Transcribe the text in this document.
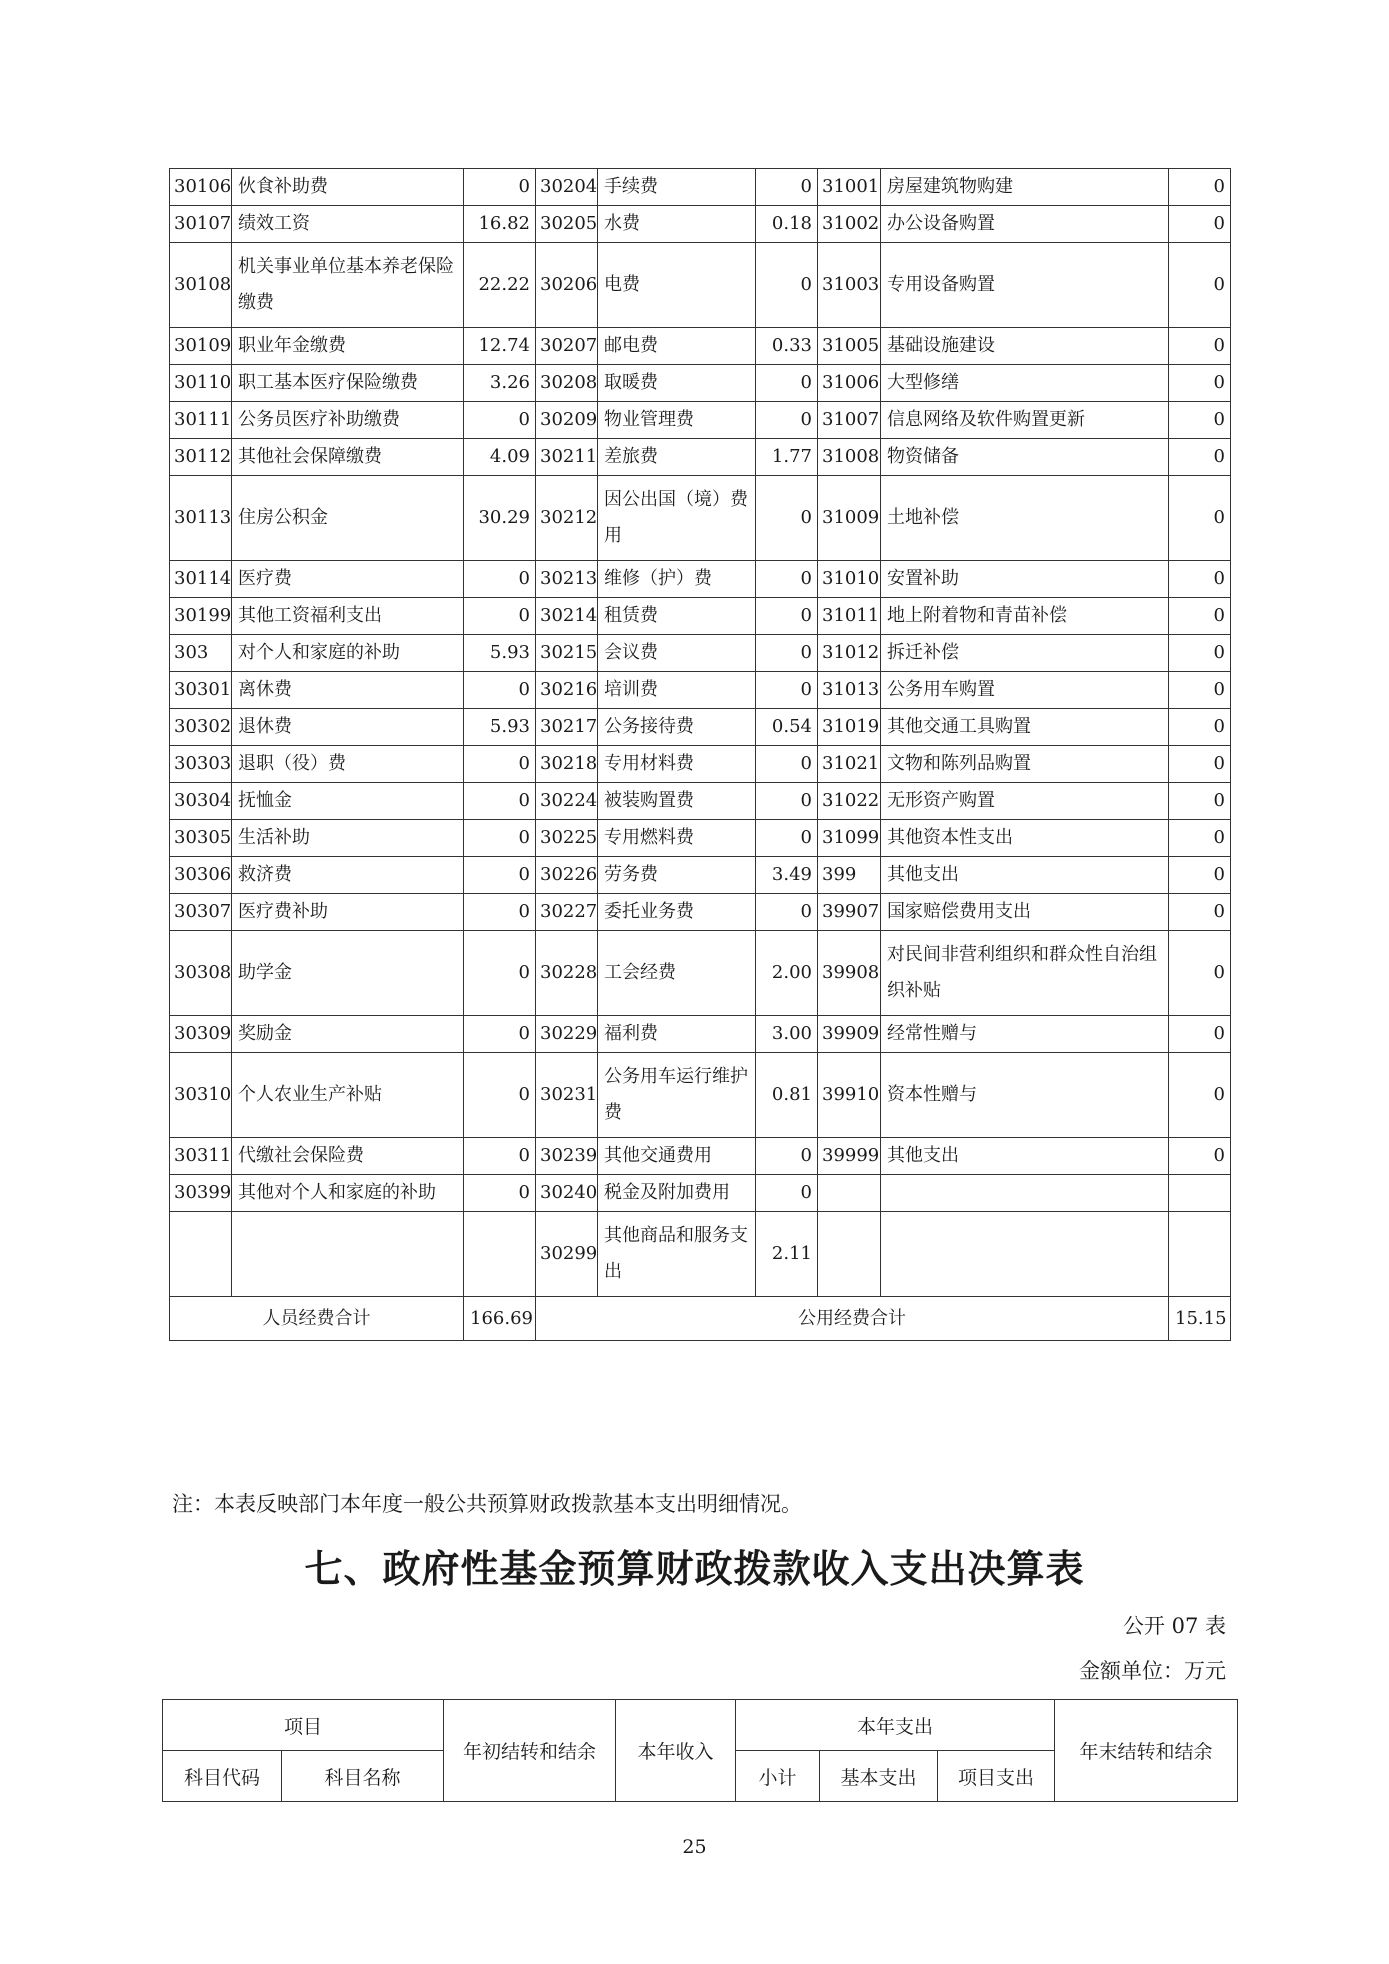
30106	伙食补助费	0	30204	手续费	0	31001	房屋建筑物购建	0
30107	绩效工资	16.82	30205	水费	0.18	31002	办公设备购置	0
30108	机关事业单位基本养老保险缴费	22.22	30206	电费	0	31003	专用设备购置	0
30109	职业年金缴费	12.74	30207	邮电费	0.33	31005	基础设施建设	0
30110	职工基本医疗保险缴费	3.26	30208	取暖费	0	31006	大型修缮	0
30111	公务员医疗补助缴费	0	30209	物业管理费	0	31007	信息网络及软件购置更新	0
30112	其他社会保障缴费	4.09	30211	差旅费	1.77	31008	物资储备	0
30113	住房公积金	30.29	30212	因公出国（境）费用	0	31009	土地补偿	0
30114	医疗费	0	30213	维修（护）费	0	31010	安置补助	0
30199	其他工资福利支出	0	30214	租赁费	0	31011	地上附着物和青苗补偿	0
303	对个人和家庭的补助	5.93	30215	会议费	0	31012	拆迁补偿	0
30301	离休费	0	30216	培训费	0	31013	公务用车购置	0
30302	退休费	5.93	30217	公务接待费	0.54	31019	其他交通工具购置	0
30303	退职（役）费	0	30218	专用材料费	0	31021	文物和陈列品购置	0
30304	抚恤金	0	30224	被装购置费	0	31022	无形资产购置	0
30305	生活补助	0	30225	专用燃料费	0	31099	其他资本性支出	0
30306	救济费	0	30226	劳务费	3.49	399	其他支出	0
30307	医疗费补助	0	30227	委托业务费	0	39907	国家赔偿费用支出	0
30308	助学金	0	30228	工会经费	2.00	39908	对民间非营利组织和群众性自治组织补贴	0
30309	奖励金	0	30229	福利费	3.00	39909	经常性赠与	0
30310	个人农业生产补贴	0	30231	公务用车运行维护费	0.81	39910	资本性赠与	0
30311	代缴社会保险费	0	30239	其他交通费用	0	39999	其他支出	0
30399	其他对个人和家庭的补助	0	30240	税金及附加费用	0			
			30299	其他商品和服务支出	2.11			
人员经费合计		166.69	公用经费合计					15.15
注：本表反映部门本年度一般公共预算财政拨款基本支出明细情况。
七、政府性基金预算财政拨款收入支出决算表
公开 07 表
金额单位：万元
项目		年初结转和结余	本年收入	本年支出			年末结转和结余
科目代码	科目名称			小计	基本支出	项目支出	
25
